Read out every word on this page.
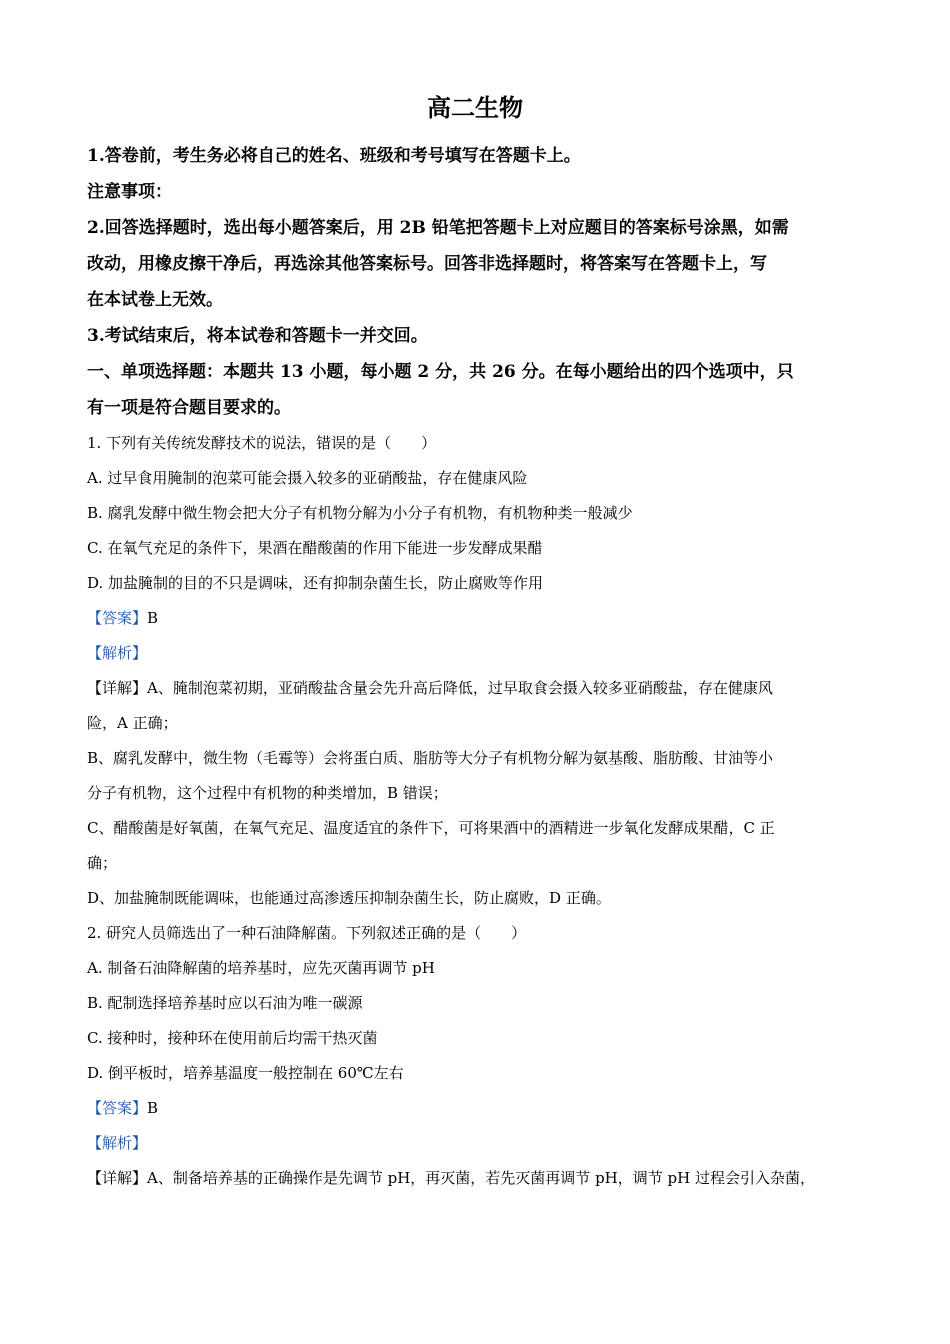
高二生物

1.答卷前，考生务必将自己的姓名、班级和考号填写在答题卡上。

注意事项：

2.回答选择题时，选出每小题答案后，用 2B 铅笔把答题卡上对应题目的答案标号涂黑，如需

改动，用橡皮擦干净后，再选涂其他答案标号。回答非选择题时，将答案写在答题卡上，写

在本试卷上无效。

3.考试结束后，将本试卷和答题卡一并交回。

一、单项选择题：本题共 13 小题，每小题 2 分，共 26 分。在每小题给出的四个选项中，只

有一项是符合题目要求的。

1. 下列有关传统发酵技术的说法，错误的是（　　）

A. 过早食用腌制的泡菜可能会摄入较多的亚硝酸盐，存在健康风险

B. 腐乳发酵中微生物会把大分子有机物分解为小分子有机物，有机物种类一般减少

C. 在氧气充足的条件下，果酒在醋酸菌的作用下能进一步发酵成果醋

D. 加盐腌制的目的不只是调味，还有抑制杂菌生长，防止腐败等作用

【答案】B

【解析】

【详解】A、腌制泡菜初期，亚硝酸盐含量会先升高后降低，过早取食会摄入较多亚硝酸盐，存在健康风

险，A 正确；

B、腐乳发酵中，微生物（毛霉等）会将蛋白质、脂肪等大分子有机物分解为氨基酸、脂肪酸、甘油等小

分子有机物，这个过程中有机物的种类增加，B 错误；

C、醋酸菌是好氧菌，在氧气充足、温度适宜的条件下，可将果酒中的酒精进一步氧化发酵成果醋，C 正

确；

D、加盐腌制既能调味，也能通过高渗透压抑制杂菌生长，防止腐败，D 正确。

2. 研究人员筛选出了一种石油降解菌。下列叙述正确的是（　　）

A. 制备石油降解菌的培养基时，应先灭菌再调节 pH

B. 配制选择培养基时应以石油为唯一碳源

C. 接种时，接种环在使用前后均需干热灭菌

D. 倒平板时，培养基温度一般控制在 60℃左右

【答案】B

【解析】

【详解】A、制备培养基的正确操作是先调节 pH，再灭菌，若先灭菌再调节 pH，调节 pH 过程会引入杂菌，
